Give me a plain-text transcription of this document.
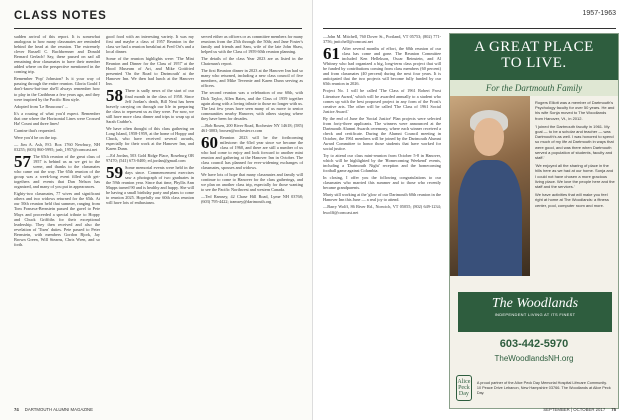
CLASS NOTES

sudden arrival of this report. It is somewhat analogous to how many classmates are reminded behind the head at the reunion. The extremely clever Russell C. Buchbrenner and Donald Bernard Gerlach! Say, these passed on sad all remaining dear classmates to have their member added where on the perspective mentioned in the coming trip.

Remember 'Pop' Johnston? Is it your way of passing through the entire reunion. Gloria Gould I don't-know-but-true she'll always remember how to play in the Caribbean a few years ago, and they were inspired by the Pacific Rim style.

Adopted from 'Le Beaucourt' ...

It's a rousing of what you'd expect. Remember that one where the Horizontal Lines were Crossed Ha! Count and three lines!

Carnine that's requested.

Were you'd be on the top.

— Jim A. Ash, P.O. Box 1760 Newbury, NH 03255; (603) 860-5995; jash_1957@comcast.net

57 The 65th reunion of the great class of 1957 is behind us as we get to the scene, and thanks to the classmates who came out the way. The 65th reunion of the group was a week-long event filled with get-togethers and events that Dan Nelson has organized, and many of you put in appearances.

Eighty-two classmates, 77 wives and significant others and two widows returned for the 65th. At our 50th reunion held that summer, ranging from Tom Fonseca-Bernstein passed the gavel to Pete Mays and proceeded a special tribute to Hoppy and Chuck Griffiths for their exceptional leadership. They then received and also the revelation of 'Tisen' duties. Pete passed to Peter Bernstein, with members Gordon Bjork, Jay Brown Green, Will Stearns, Chris Wren, and so forth.

good food with an interesting variety. It was my first and maybe a class of 1957 Reunion in the class we had a reunion breakfast at Fred Ort's and a local dinner.

Some of the reunion highlights were: 'The Mini Reunion and Dinner for the Class of 1957' at the Hood Museum of Art, and Mike Gottfried presented 'On the Road to Dartmouth' at the Hanover Inn. We then had lunch at the Hanover Inn.

58 There is sadly news of the start of our final month in the class of 1958. Since Jeff Jordan's death, Bill Neat has been bravely carrying on through our life in preparing the class to represent us as they were. For now, we still have more class dinner and trips to wrap up at Sarah Crabbe's.

We have often thought of this class gathering on Long Island, 1958-1959, at the home of Hoppy and Chuck, who have received several awards, especially for their work at the Hanover Inn, and Karen Dunn.

—Ed Jordan, 503 Gold Ridge Place, Roseburg OR 97470; (541) 673-0400; ed.jordan@gmail.com

59 Some memorial events were held in the days since. Commencement exercises saw a photograph of two graduates in the 59th reunion year. Since that time, Phyllis Ann Mapps turned 90 and is healthy and happy. She will be having a small birthday party and plans to come to reunion 2025. Hopefully our 60th class reunion will have lots of enthusiasm.

served either as officers or as committee members for many reunions from the 25th through the 50th; and Jane Foster's family and friends and Sam, wife of the late John Shaw, helped us with the Class of 1959 60th reunion planning.

The details of the class Year 2023 are as listed in the Chairman's report.

The first Reunion dinner in 2023 at the Hanover Inn had so many who returned, including a new class council of five members, and Mike Tevernie and Karen Dunn serving as officers.

The second reunion was a celebration of our 60th, with Dick Taylor, Allen Bates, and the Class of 1959 together again along with a loving tribute to those no longer with us. The last few years have seen many of us move to senior communities nearby Hanover, with others staying where they have been for decades.

—Bob Rosen, 200 River Road, Rochester NY 14618; (585) 461-3003; brosen@rochester.rr.com

60 Reunion 2023 will be the forthcoming milestone: the 63rd year since we became the class of 1960, and there are still a number of us who had come to enjoy and look forward to another mini reunion and gathering at the Hanover Inn in October. The class council has planned for ever-widening exchanges of classmates, spouses and widows.

We have lots of hope that many classmates and family will continue to come to Hanover for the class gatherings, and we plan on another class trip, especially for those wanting to see the Pacific Northwest and western Canada.

—Ted Ramsey, 42 Chase Hill Road, Lyme NH 03768; (603) 795-4422; tramsey@dartmouth.org

74 DARTMOUTH ALUMNI MAGAZINE
1957-1963

—John M. Mitchell, 760 Dover St., Portland, VT 05753; (802) 771-3756; jmitchell@comcast.net

61 After several months of effort, the 60th reunion of our class has come and gone. The Reunion Committee included Ken Hellekson, Oscar Reinstein, and Al Whitney who had organized a big, long-term class project that will be funded by contributions coming from class members (60 percent) and from classmates (40 percent) during the next four years. It is anticipated that the two projects will become fully funded by our 65th reunion in 2026.

Project No. 1 will be called 'The Class of 1961 Robert Frost Literature Award,' which will be awarded annually to a student who comes up with the best proposed project in any form of the Frost's creative arts. The other will be called 'The Class of 1961 Social Justice Award.'

By the end of June the 'Social Justice' Plan projects were selected from forty-three applicants. The winners were announced at the Dartmouth Alumni Awards ceremony, where each winner received a check and certificate. During the Alumni Council meeting in October, the 1961 members will be joined by the Dartmouth Alumni Award Committee to honor those students that have worked for social justice.

Try to attend our class mini-reunion from October 5-8 in Hanover, which will be highlighted by the 'Homecoming Weekend' events, including a 'Dartmouth Night' reception and the homecoming football game against Columbia.

In closing, I offer you the following congratulations to our classmates who married this summer and to those who recently became grandparents.

Marty still working at the 'glow of our Dartmouth 60th reunion in the Hanover Inn this June — a real joy to attend.

—Barry Wolff, 86 River Rd., Norwich, VT 05055; (802) 649-1234; bwolff@comcast.net

A GREAT PLACE
TO LIVE.
For the Dartmouth Family

Rogers Elliott was a member of Dartmouth's Psychology faculty for over 50 years. He and his wife Sonja moved to The Woodlands from Hanover, Vt., in 2012.

'I joined the Dartmouth faculty in 1961. My goal — to be a scholar and teacher — was Dartmouth's as well. I was honored to spend so much of my life at Dartmouth in ways that were good, and was there when Dartmouth served a population of students, faculty and staff.'

'We enjoyed all the sharing of place in the hills here as we had at our home. Sonja and I could not have chosen a more gracious living place. We love the people here and the staff and the services.'

We have activities that will make you feel right at home at The Woodlands: a fitness center, pool, computer room and more.

The Woodlands
INDEPENDENT LIVING AT ITS FINEST
603-442-5970
TheWoodlandsNH.org
Alice Peck Day
A proud partner of the Alice Peck Day Memorial Hospital Lifecare Community. 10 Peace Drive Lebanon, New Hampshire 03766. The Woodlands at Alice Peck Day.
SEPTEMBER | OCTOBER 2017 75
